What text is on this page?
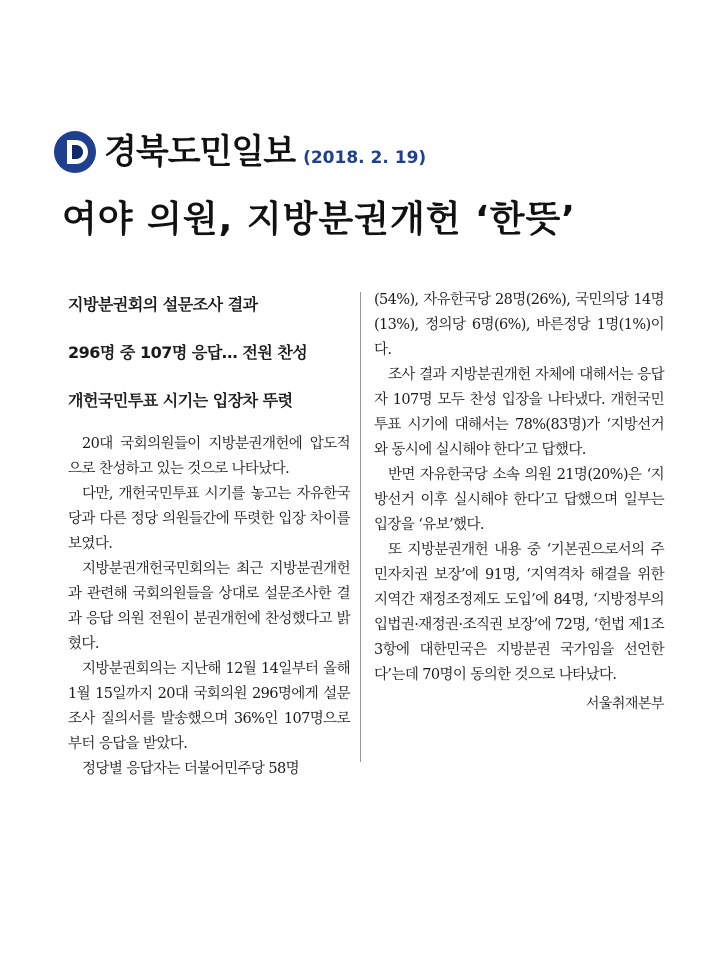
경북도민일보 (2018. 2. 19)
여야 의원, 지방분권개헌 ‘한뜻’
지방분권회의 설문조사 결과
296명 중 107명 응답… 전원 찬성
개헌국민투표 시기는 입장차 뚜렷

20대 국회의원들이 지방분권개헌에 압도적으로 찬성하고 있는 것으로 나타났다.

다만, 개헌국민투표 시기를 놓고는 자유한국당과 다른 정당 의원들간에 뚜렷한 입장 차이를 보였다.

지방분권개헌국민회의는 최근 지방분권개헌과 관련해 국회의원들을 상대로 설문조사한 결과 응답 의원 전원이 분권개헌에 찬성했다고 밝혔다.

지방분권회의는 지난해 12월 14일부터 올해 1월 15일까지 20대 국회의원 296명에게 설문조사 질의서를 발송했으며 36%인 107명으로부터 응답을 받았다.

정당별 응답자는 더불어민주당 58명

(54%), 자유한국당 28명(26%), 국민의당 14명(13%), 정의당 6명(6%), 바른정당 1명(1%)이다.

조사 결과 지방분권개헌 자체에 대해서는 응답자 107명 모두 찬성 입장을 나타냈다. 개헌국민투표 시기에 대해서는 78%(83명)가 ‘지방선거와 동시에 실시해야 한다’고 답했다.

반면 자유한국당 소속 의원 21명(20%)은 ‘지방선거 이후 실시해야 한다’고 답했으며 일부는 입장을 ‘유보’했다.

또 지방분권개헌 내용 중 ‘기본권으로서의 주민자치권 보장’에 91명, ‘지역격차 해결을 위한 지역간 재정조정제도 도입’에 84명, ‘지방정부의 입법권·재정권·조직권 보장’에 72명, ‘헌법 제1조 3항에 대한민국은 지방분권 국가임을 선언한다’는데 70명이 동의한 것으로 나타났다.

서울취재본부
